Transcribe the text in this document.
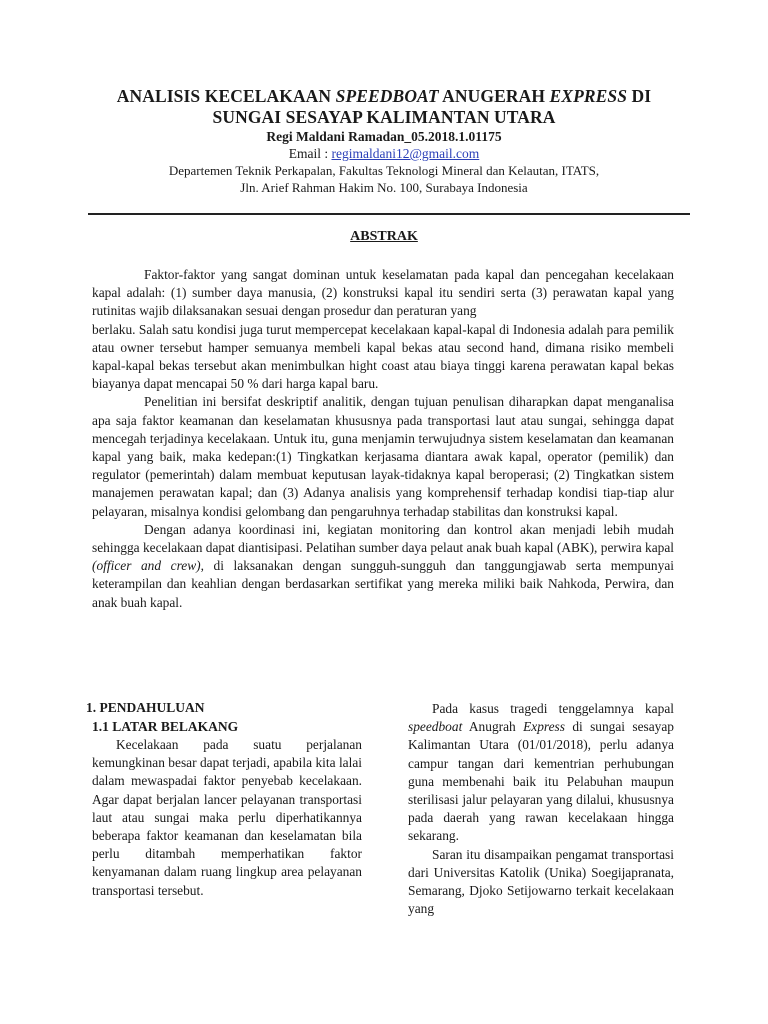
ANALISIS KECELAKAAN SPEEDBOAT ANUGERAH EXPRESS DI
SUNGAI SESAYAP KALIMANTAN UTARA
Regi Maldani Ramadan_05.2018.1.01175
Email : regimaldani12@gmail.com
Departemen Teknik Perkapalan, Fakultas Teknologi Mineral dan Kelautan, ITATS,
Jln. Arief Rahman Hakim No. 100, Surabaya Indonesia
ABSTRAK

Faktor-faktor yang sangat dominan untuk keselamatan pada kapal dan pencegahan kecelakaan kapal adalah: (1) sumber daya manusia, (2) konstruksi kapal itu sendiri serta (3) perawatan kapal yang rutinitas wajib dilaksanakan sesuai dengan prosedur dan peraturan yang

berlaku. Salah satu kondisi juga turut mempercepat kecelakaan kapal-kapal di Indonesia adalah para pemilik atau owner tersebut hamper semuanya membeli kapal bekas atau second hand, dimana risiko membeli kapal-kapal bekas tersebut akan menimbulkan hight coast atau biaya tinggi karena perawatan kapal bekas biayanya dapat mencapai 50 % dari harga kapal baru.

Penelitian ini bersifat deskriptif analitik, dengan tujuan penulisan diharapkan dapat menganalisa apa saja faktor keamanan dan keselamatan khususnya pada transportasi laut atau sungai, sehingga dapat mencegah terjadinya kecelakaan. Untuk itu, guna menjamin terwujudnya sistem keselamatan dan keamanan kapal yang baik, maka kedepan:(1) Tingkatkan kerjasama diantara awak kapal, operator (pemilik) dan regulator (pemerintah) dalam membuat keputusan layak-tidaknya kapal beroperasi; (2) Tingkatkan sistem manajemen perawatan kapal; dan (3) Adanya analisis yang komprehensif terhadap kondisi tiap-tiap alur pelayaran, misalnya kondisi gelombang dan pengaruhnya terhadap stabilitas dan konstruksi kapal.

Dengan adanya koordinasi ini, kegiatan monitoring dan kontrol akan menjadi lebih mudah sehingga kecelakaan dapat diantisipasi. Pelatihan sumber daya pelaut anak buah kapal (ABK), perwira kapal (officer and crew), di laksanakan dengan sungguh-sungguh dan tanggungjawab serta mempunyai keterampilan dan keahlian dengan berdasarkan sertifikat yang mereka miliki baik Nahkoda, Perwira, dan anak buah kapal.

1. PENDAHULUAN
1.1 LATAR BELAKANG

Kecelakaan pada suatu perjalanan kemungkinan besar dapat terjadi, apabila kita lalai dalam mewaspadai faktor penyebab kecelakaan. Agar dapat berjalan lancer pelayanan transportasi laut atau sungai maka perlu diperhatikannya beberapa faktor keamanan dan keselamatan bila perlu ditambah memperhatikan faktor kenyamanan dalam ruang lingkup area pelayanan transportasi tersebut.

Pada kasus tragedi tenggelamnya kapal speedboat Anugrah Express di sungai sesayap Kalimantan Utara (01/01/2018), perlu adanya campur tangan dari kementrian perhubungan guna membenahi baik itu Pelabuhan maupun sterilisasi jalur pelayaran yang dilalui, khususnya pada daerah yang rawan kecelakaan hingga sekarang.

Saran itu disampaikan pengamat transportasi dari Universitas Katolik (Unika) Soegijapranata, Semarang, Djoko Setijowarno terkait kecelakaan yang
